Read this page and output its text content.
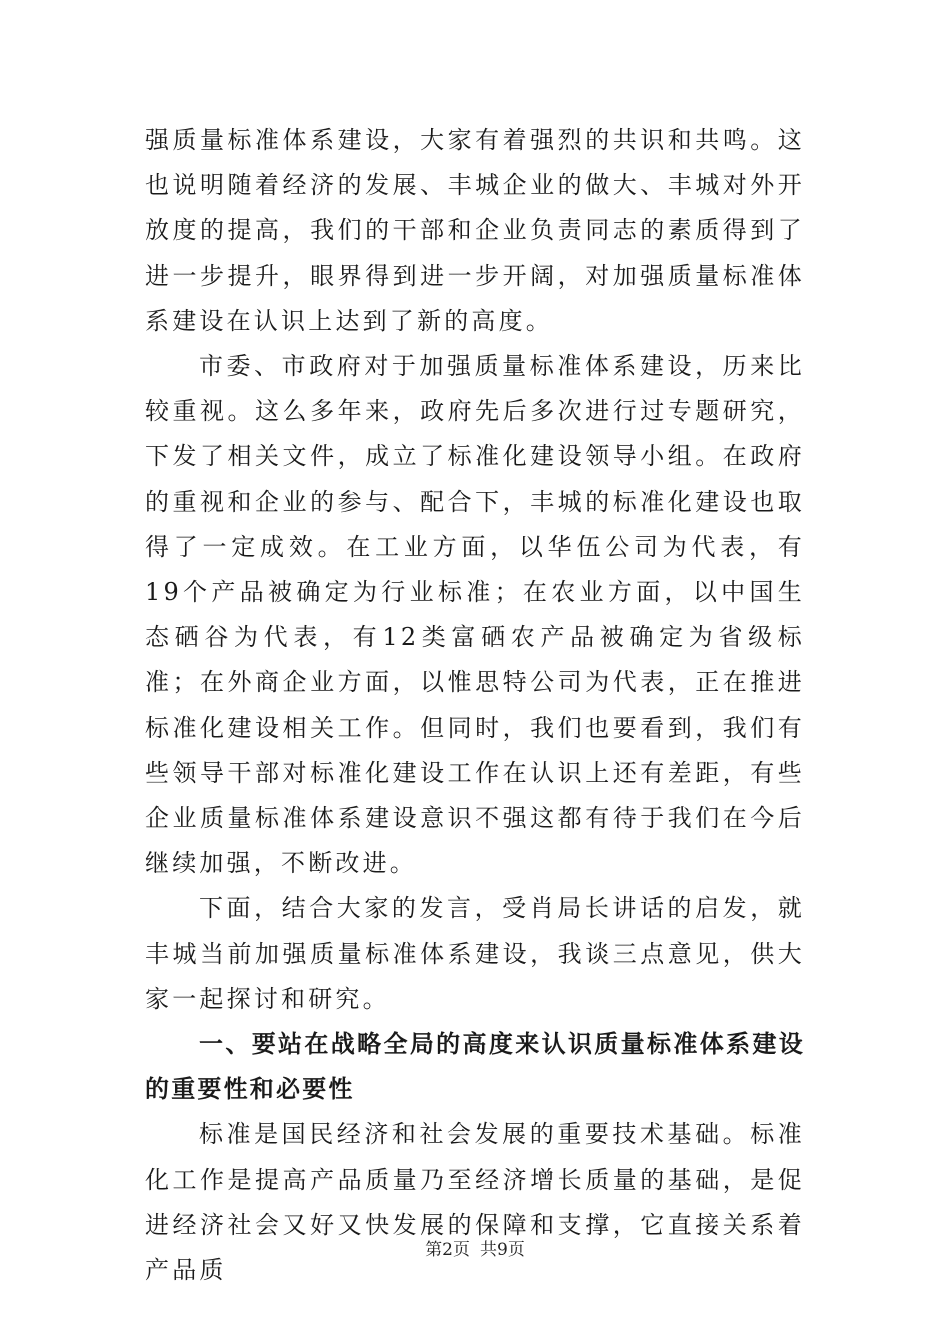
强质量标准体系建设，大家有着强烈的共识和共鸣。这也说明随着经济的发展、丰城企业的做大、丰城对外开放度的提高，我们的干部和企业负责同志的素质得到了进一步提升，眼界得到进一步开阔，对加强质量标准体系建设在认识上达到了新的高度。

市委、市政府对于加强质量标准体系建设，历来比较重视。这么多年来，政府先后多次进行过专题研究，下发了相关文件，成立了标准化建设领导小组。在政府的重视和企业的参与、配合下，丰城的标准化建设也取得了一定成效。在工业方面，以华伍公司为代表，有19个产品被确定为行业标准；在农业方面，以中国生态硒谷为代表，有12类富硒农产品被确定为省级标准；在外商企业方面，以惟思特公司为代表，正在推进标准化建设相关工作。但同时，我们也要看到，我们有些领导干部对标准化建设工作在认识上还有差距，有些企业质量标准体系建设意识不强这都有待于我们在今后继续加强，不断改进。

下面，结合大家的发言，受肖局长讲话的启发，就丰城当前加强质量标准体系建设，我谈三点意见，供大家一起探讨和研究。

一、要站在战略全局的高度来认识质量标准体系建设的重要性和必要性

标准是国民经济和社会发展的重要技术基础。标准化工作是提高产品质量乃至经济增长质量的基础，是促进经济社会又好又快发展的保障和支撑，它直接关系着产品质

第2页 共9页
